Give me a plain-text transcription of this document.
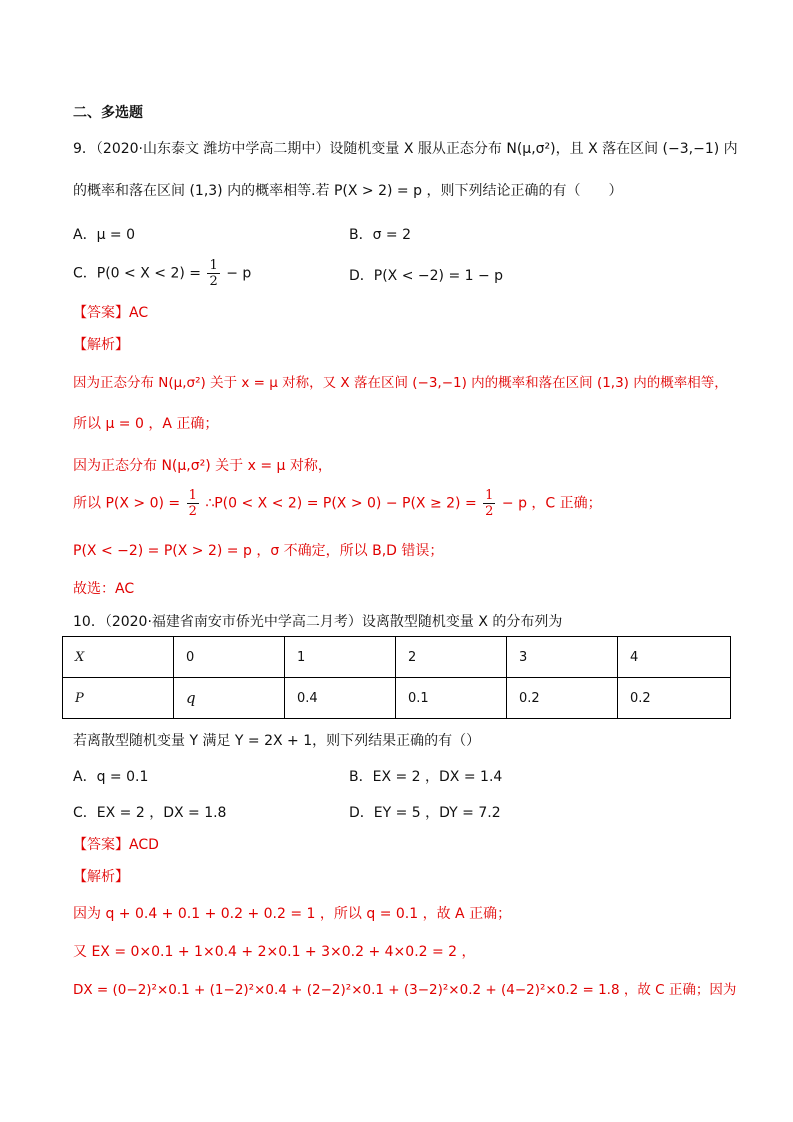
二、多选题
9．（2020·山东泰文 潍坊中学高二期中）设随机变量 X 服从正态分布 N(μ,σ²)，且 X 落在区间 (−3,−1) 内
的概率和落在区间 (1,3) 内的概率相等.若 P(X > 2) = p ，则下列结论正确的有（　　）
A．μ = 0	B．σ = 2
C．$P(0 < X < 2) = \frac{1}{2} - p$	D．P(X < −2) = 1 − p
【答案】AC
【解析】
因为正态分布 N(μ,σ²) 关于 x = μ 对称，又 X 落在区间 (−3,−1) 内的概率和落在区间 (1,3) 内的概率相等，
所以 μ = 0 ，A 正确；
因为正态分布 N(μ,σ²) 关于 x = μ 对称，
所以 $P(X > 0) = \frac{1}{2}$ ∴P(0 < $X < 2) = P(X > 0) - P(X \ge 2) = \frac{1}{2} - p$ ，C 正确；
P(X < −2) = P(X > 2) = p ，σ 不确定，所以 B,D 错误；
故选：AC
10．（2020·福建省南安市侨光中学高二月考）设离散型随机变量 X 的分布列为
X	0	1	2	3	4
P	q	0.4	0.1	0.2	0.2
若离散型随机变量 Y 满足 Y = 2X + 1，则下列结果正确的有（）
A．q = 0.1	B．EX = 2 ，DX = 1.4
C．EX = 2 ，DX = 1.8	D．EY = 5 ，DY = 7.2
【答案】ACD
【解析】
因为 q + 0.4 + 0.1 + 0.2 + 0.2 = 1 ，所以 q = 0.1 ，故 A 正确；
又 EX = 0×0.1 + 1×0.4 + 2×0.1 + 3×0.2 + 4×0.2 = 2 ，
DX = (0−2)²×0.1 + (1−2)²×0.4 + (2−2)²×0.1 + (3−2)²×0.2 + (4−2)²×0.2 = 1.8 ，故 C 正确；因为
